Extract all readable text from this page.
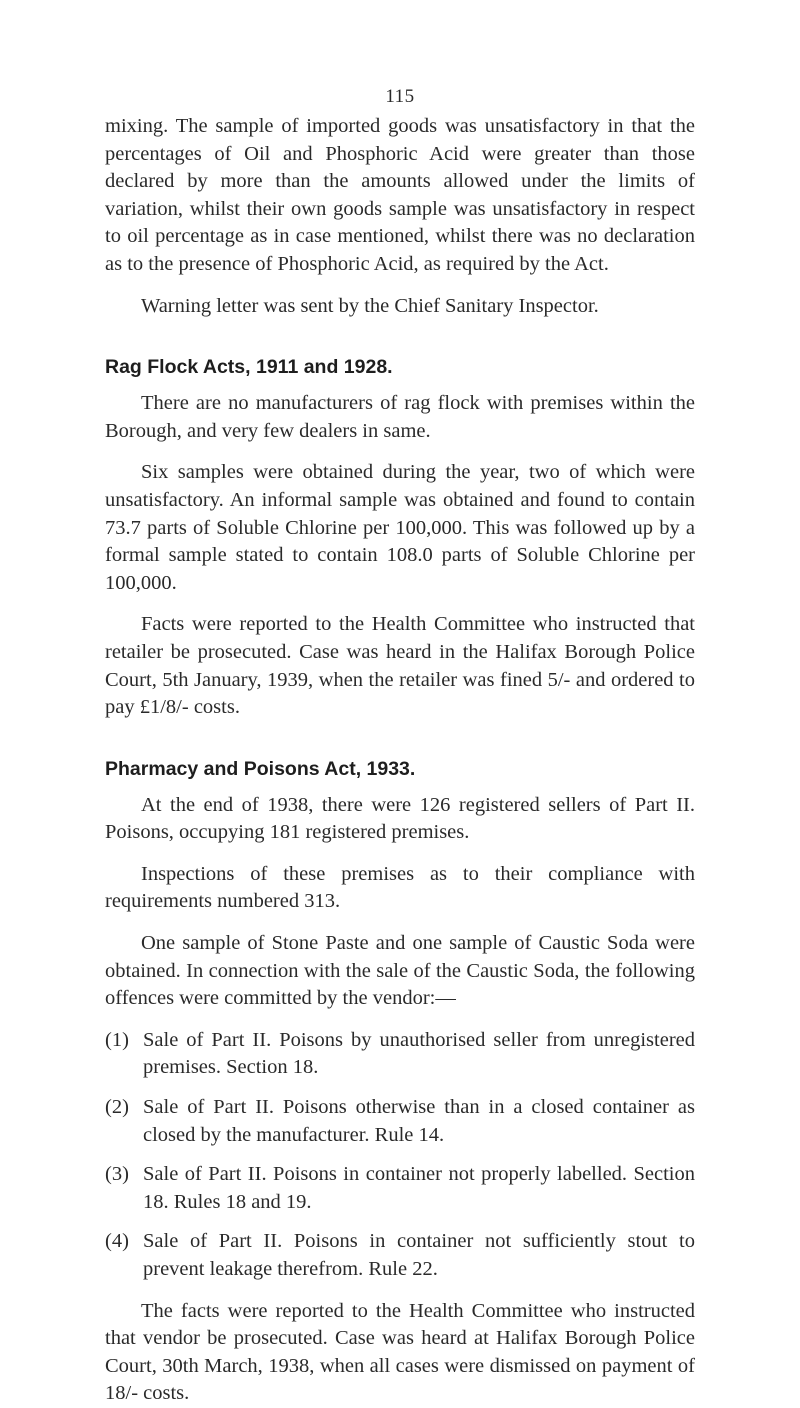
115

mixing. The sample of imported goods was unsatisfactory in that the percentages of Oil and Phosphoric Acid were greater than those declared by more than the amounts allowed under the limits of variation, whilst their own goods sample was unsatisfactory in respect to oil percentage as in case mentioned, whilst there was no declaration as to the presence of Phosphoric Acid, as required by the Act.

Warning letter was sent by the Chief Sanitary Inspector.

Rag Flock Acts, 1911 and 1928.

There are no manufacturers of rag flock with premises within the Borough, and very few dealers in same.

Six samples were obtained during the year, two of which were unsatisfactory. An informal sample was obtained and found to contain 73.7 parts of Soluble Chlorine per 100,000. This was followed up by a formal sample stated to contain 108.0 parts of Soluble Chlorine per 100,000.

Facts were reported to the Health Committee who instructed that retailer be prosecuted. Case was heard in the Halifax Borough Police Court, 5th January, 1939, when the retailer was fined 5/- and ordered to pay £1/8/- costs.

Pharmacy and Poisons Act, 1933.

At the end of 1938, there were 126 registered sellers of Part II. Poisons, occupying 181 registered premises.

Inspections of these premises as to their compliance with requirements numbered 313.

One sample of Stone Paste and one sample of Caustic Soda were obtained. In connection with the sale of the Caustic Soda, the following offences were committed by the vendor:—

(1) Sale of Part II. Poisons by unauthorised seller from unregistered premises. Section 18.
(2) Sale of Part II. Poisons otherwise than in a closed container as closed by the manufacturer. Rule 14.
(3) Sale of Part II. Poisons in container not properly labelled. Section 18. Rules 18 and 19.
(4) Sale of Part II. Poisons in container not sufficiently stout to prevent leakage therefrom. Rule 22.

The facts were reported to the Health Committee who instructed that vendor be prosecuted. Case was heard at Halifax Borough Police Court, 30th March, 1938, when all cases were dismissed on payment of 18/- costs.
